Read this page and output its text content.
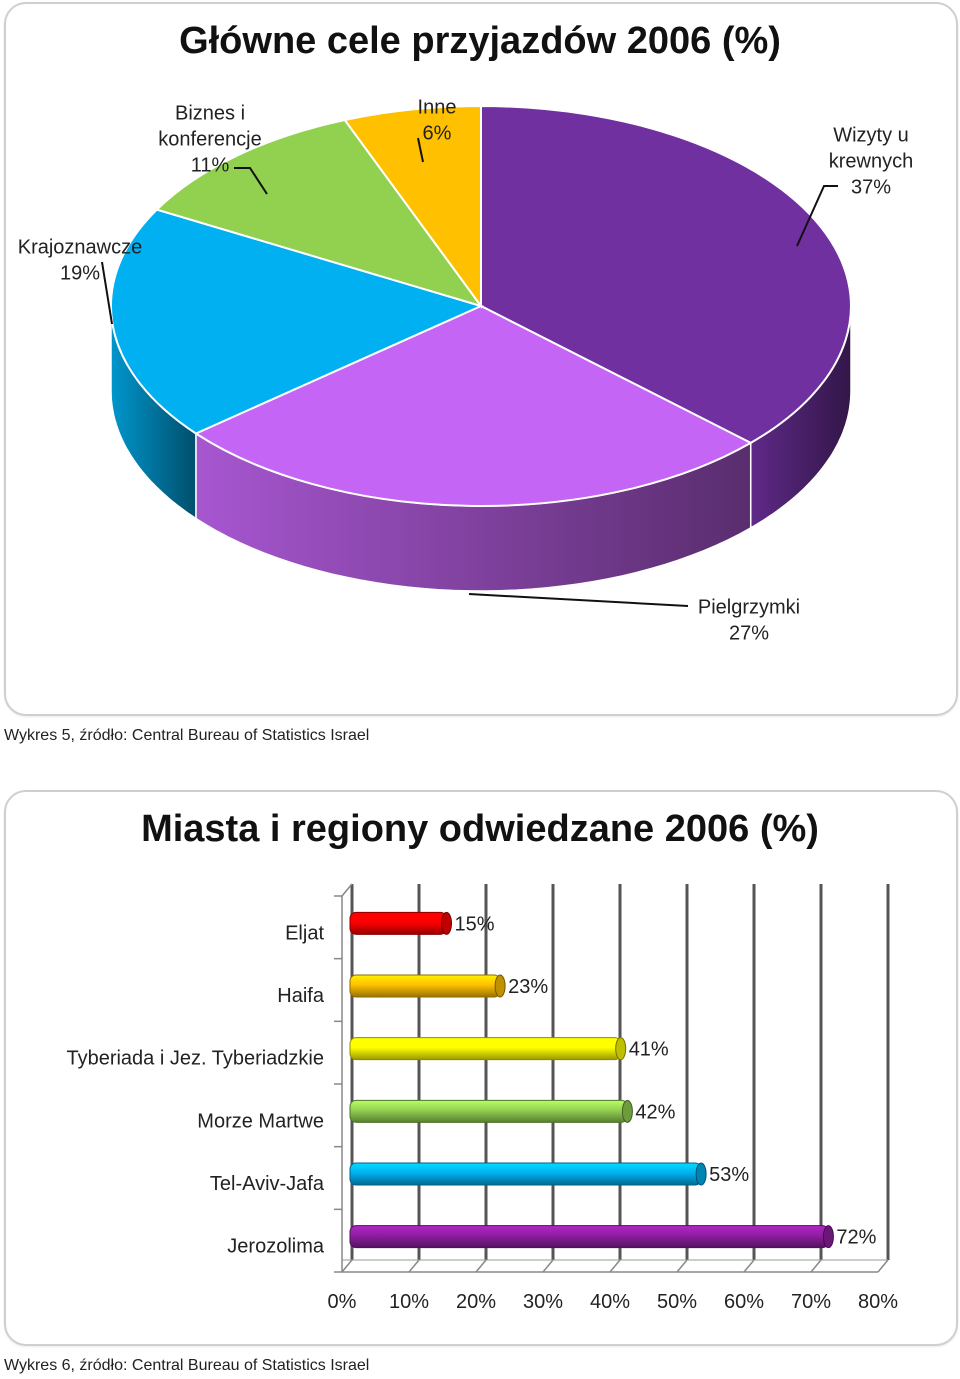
Główne cele przyjazdów 2006 (%)
Wykres 5, źródło: Central Bureau of Statistics Israel
Miasta i regiony odwiedzane 2006 (%)
Wykres 6, źródło: Central Bureau of Statistics Israel
Wizyty u
krewnych
37%
Pielgrzymki
27%
Krajoznawcze
19%
Biznes i
konferencje
11%
Inne
6%
0% 10% 20% 30% 40% 50% 60% 70% 80%
15%
Eljat
23%
Haifa
41%
Tyberiada i Jez. Tyberiadzkie
42%
Morze Martwe
53%
Tel-Aviv-Jafa
72%
Jerozolima
